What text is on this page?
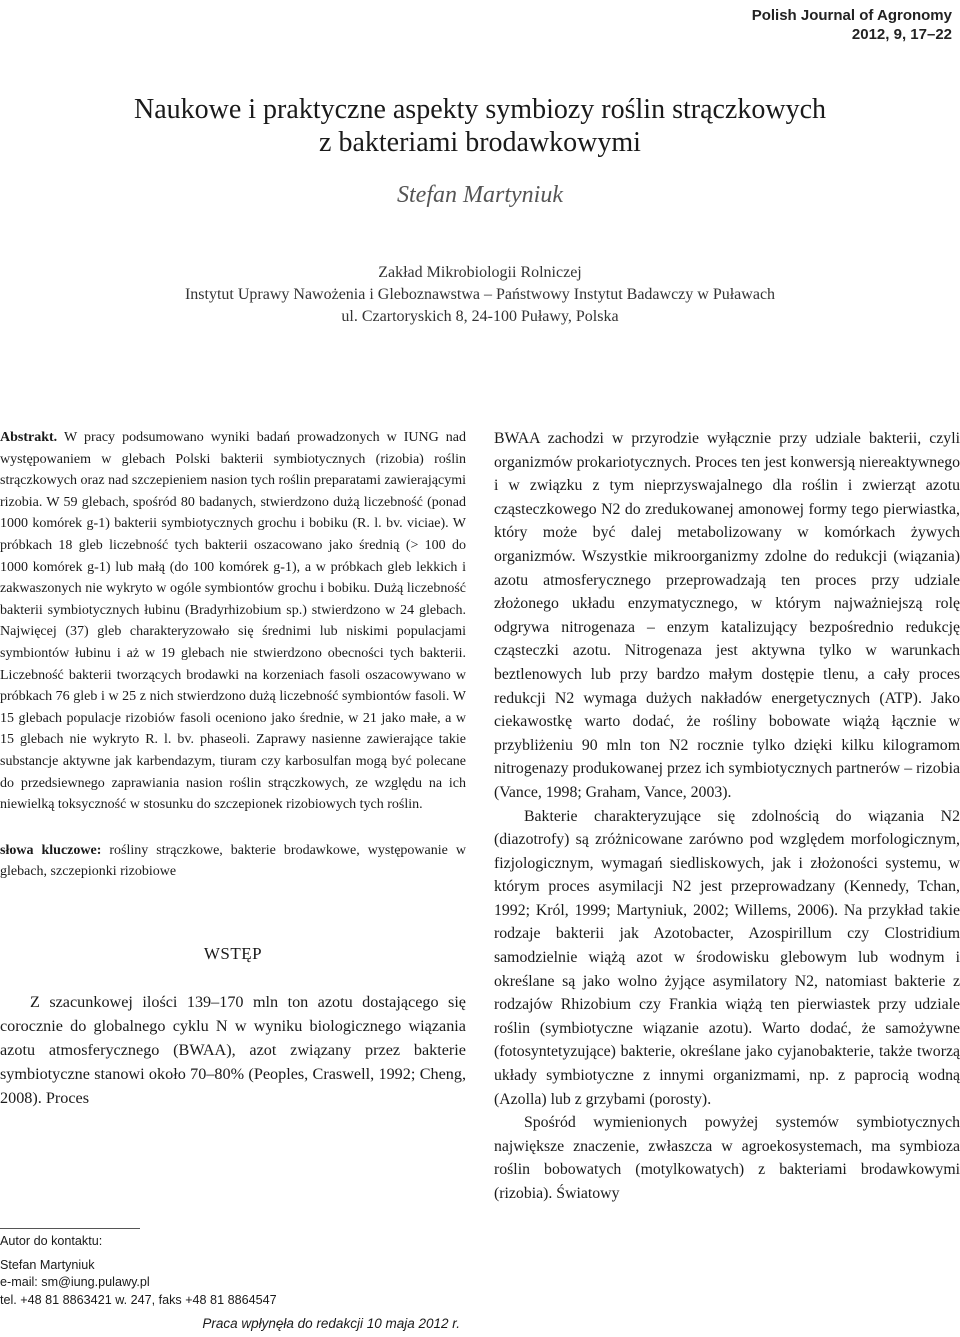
Polish Journal of Agronomy
2012, 9, 17–22
Naukowe i praktyczne aspekty symbiozy roślin strączkowych
z bakteriami brodawkowymi
Stefan Martyniuk
Zakład Mikrobiologii Rolniczej
Instytut Uprawy Nawożenia i Gleboznawstwa – Państwowy Instytut Badawczy w Puławach
ul. Czartoryskich 8, 24-100 Puławy, Polska

Abstrakt. W pracy podsumowano wyniki badań prowadzonych w IUNG nad występowaniem w glebach Polski bakterii symbiotycznych (rizobia) roślin strączkowych oraz nad szczepieniem nasion tych roślin preparatami zawierającymi rizobia. W 59 glebach, spośród 80 badanych, stwierdzono dużą liczebność (ponad 1000 komórek g-1) bakterii symbiotycznych grochu i bobiku (R. l. bv. viciae). W próbkach 18 gleb liczebność tych bakterii oszacowano jako średnią (> 100 do 1000 komórek g-1) lub małą (do 100 komórek g-1), a w próbkach gleb lekkich i zakwaszonych nie wykryto w ogóle symbiontów grochu i bobiku. Dużą liczebność bakterii symbiotycznych łubinu (Bradyrhizobium sp.) stwierdzono w 24 glebach. Najwięcej (37) gleb charakteryzowało się średnimi lub niskimi populacjami symbiontów łubinu i aż w 19 glebach nie stwierdzono obecności tych bakterii. Liczebność bakterii tworzących brodawki na korzeniach fasoli oszacowywano w próbkach 76 gleb i w 25 z nich stwierdzono dużą liczebność symbiontów fasoli. W 15 glebach populacje rizobiów fasoli oceniono jako średnie, w 21 jako małe, a w 15 glebach nie wykryto R. l. bv. phaseoli. Zaprawy nasienne zawierające takie substancje aktywne jak karbendazym, tiuram czy karbosulfan mogą być polecane do przedsiewnego zaprawiania nasion roślin strączkowych, ze względu na ich niewielką toksyczność w stosunku do szczepionek rizobiowych tych roślin.

słowa kluczowe: rośliny strączkowe, bakterie brodawkowe, występowanie w glebach, szczepionki rizobiowe

WSTĘP

Z szacunkowej ilości 139–170 mln ton azotu dostającego się corocznie do globalnego cyklu N w wyniku biologicznego wiązania azotu atmosferycznego (BWAA), azot związany przez bakterie symbiotyczne stanowi około 70–80% (Peoples, Craswell, 1992; Cheng, 2008). Proces

BWAA zachodzi w przyrodzie wyłącznie przy udziale bakterii, czyli organizmów prokariotycznych. Proces ten jest konwersją niereaktywnego i w związku z tym nieprzyswajalnego dla roślin i zwierząt azotu cząsteczkowego N2 do zredukowanej amonowej formy tego pierwiastka, który może być dalej metabolizowany w komórkach żywych organizmów. Wszystkie mikroorganizmy zdolne do redukcji (wiązania) azotu atmosferycznego przeprowadzają ten proces przy udziale złożonego układu enzymatycznego, w którym najważniejszą rolę odgrywa nitrogenaza – enzym katalizujący bezpośrednio redukcję cząsteczki azotu. Nitrogenaza jest aktywna tylko w warunkach beztlenowych lub przy bardzo małym dostępie tlenu, a cały proces redukcji N2 wymaga dużych nakładów energetycznych (ATP). Jako ciekawostkę warto dodać, że rośliny bobowate wiążą łącznie w przybliżeniu 90 mln ton N2 rocznie tylko dzięki kilku kilogramom nitrogenazy produkowanej przez ich symbiotycznych partnerów – rizobia (Vance, 1998; Graham, Vance, 2003).

Bakterie charakteryzujące się zdolnością do wiązania N2 (diazotrofy) są zróżnicowane zarówno pod względem morfologicznym, fizjologicznym, wymagań siedliskowych, jak i złożoności systemu, w którym proces asymilacji N2 jest przeprowadzany (Kennedy, Tchan, 1992; Król, 1999; Martyniuk, 2002; Willems, 2006). Na przykład takie rodzaje bakterii jak Azotobacter, Azospirillum czy Clostridium samodzielnie wiążą azot w środowisku glebowym lub wodnym i określane są jako wolno żyjące asymilatory N2, natomiast bakterie z rodzajów Rhizobium czy Frankia wiążą ten pierwiastek przy udziale roślin (symbiotyczne wiązanie azotu). Warto dodać, że samożywne (fotosyntetyzujące) bakterie, określane jako cyjanobakterie, także tworzą układy symbiotyczne z innymi organizmami, np. z paprocią wodną (Azolla) lub z grzybami (porosty).

Spośród wymienionych powyżej systemów symbiotycznych największe znaczenie, zwłaszcza w agroekosystemach, ma symbioza roślin bobowatych (motylkowatych) z bakteriami brodawkowymi (rizobia). Światowy

Autor do kontaktu:
Stefan Martyniuk
e-mail: sm@iung.pulawy.pl
tel. +48 81 8863421 w. 247, faks +48 81 8864547
Praca wpłynęła do redakcji 10 maja 2012 r.
